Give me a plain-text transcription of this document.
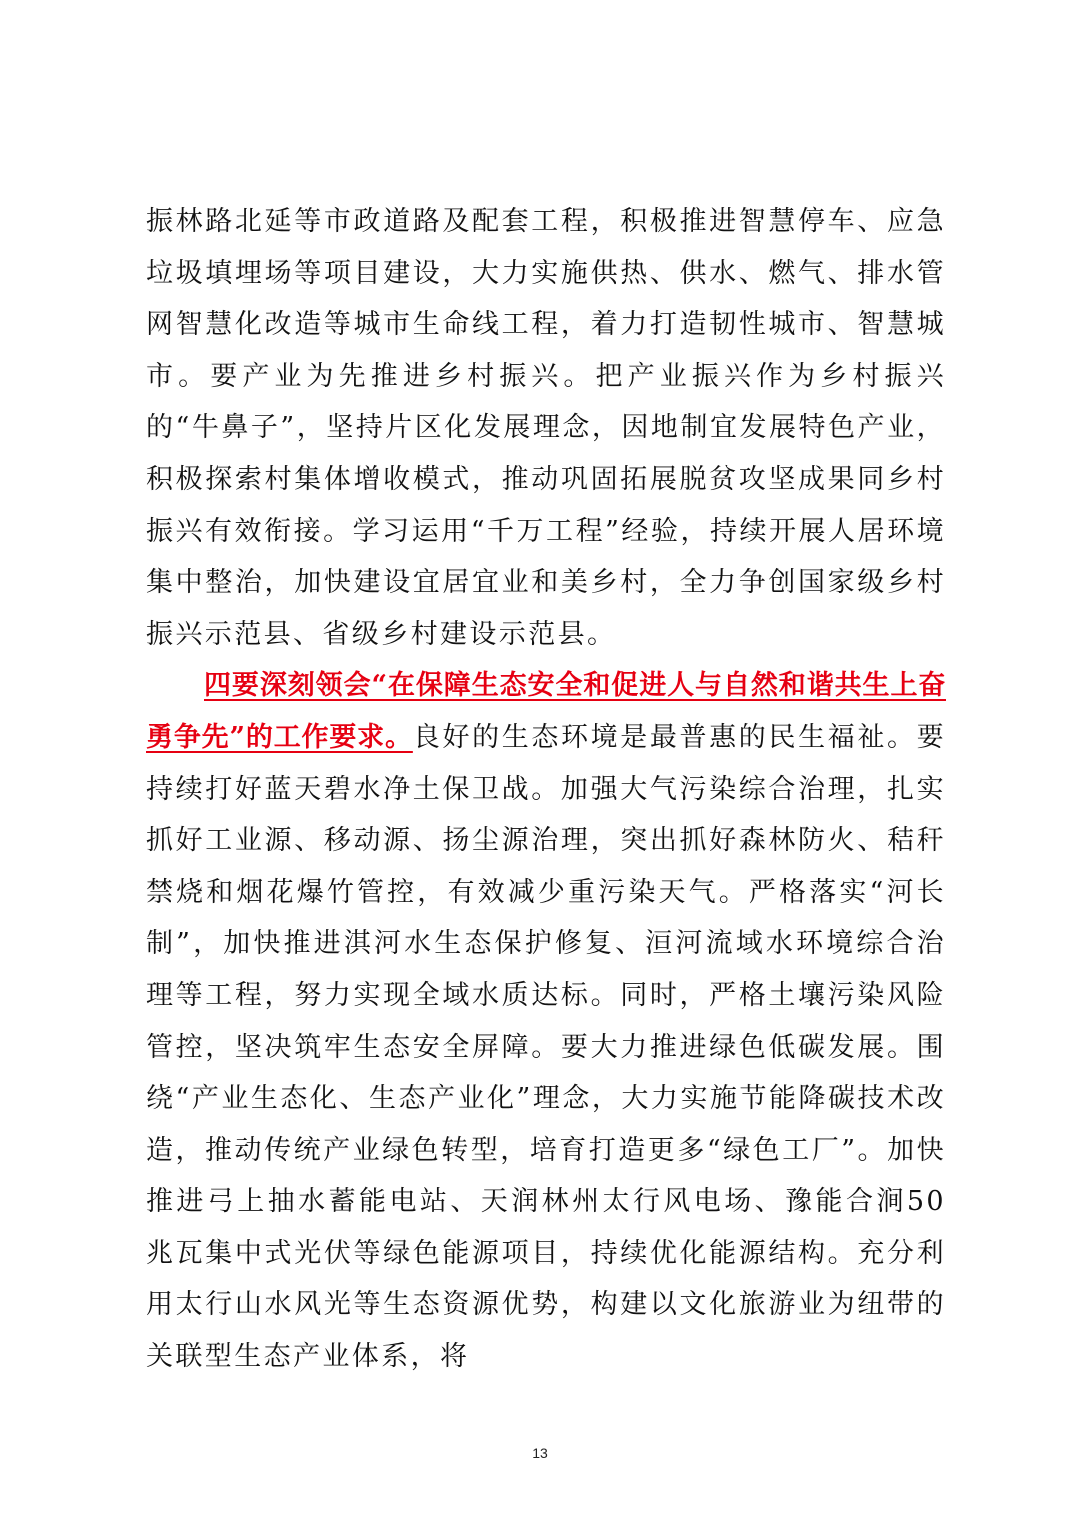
振林路北延等市政道路及配套工程，积极推进智慧停车、应急垃圾填埋场等项目建设，大力实施供热、供水、燃气、排水管网智慧化改造等城市生命线工程，着力打造韧性城市、智慧城市。要产业为先推进乡村振兴。把产业振兴作为乡村振兴的“牛鼻子”，坚持片区化发展理念，因地制宜发展特色产业，积极探索村集体增收模式，推动巩固拓展脱贫攻坚成果同乡村振兴有效衔接。学习运用“千万工程”经验，持续开展人居环境集中整治，加快建设宜居宜业和美乡村，全力争创国家级乡村振兴示范县、省级乡村建设示范县。

四要深刻领会“在保障生态安全和促进人与自然和谐共生上奋勇争先”的工作要求。良好的生态环境是最普惠的民生福祉。要持续打好蓝天碧水净土保卫战。加强大气污染综合治理，扎实抓好工业源、移动源、扬尘源治理，突出抓好森林防火、秸秆禁烧和烟花爆竹管控，有效减少重污染天气。严格落实“河长制”，加快推进淇河水生态保护修复、洹河流域水环境综合治理等工程，努力实现全域水质达标。同时，严格土壤污染风险管控，坚决筑牢生态安全屏障。要大力推进绿色低碳发展。围绕“产业生态化、生态产业化”理念，大力实施节能降碳技术改造，推动传统产业绿色转型，培育打造更多“绿色工厂”。加快推进弓上抽水蓄能电站、天润林州太行风电场、豫能合涧50兆瓦集中式光伏等绿色能源项目，持续优化能源结构。充分利用太行山水风光等生态资源优势，构建以文化旅游业为纽带的关联型生态产业体系，将

13
